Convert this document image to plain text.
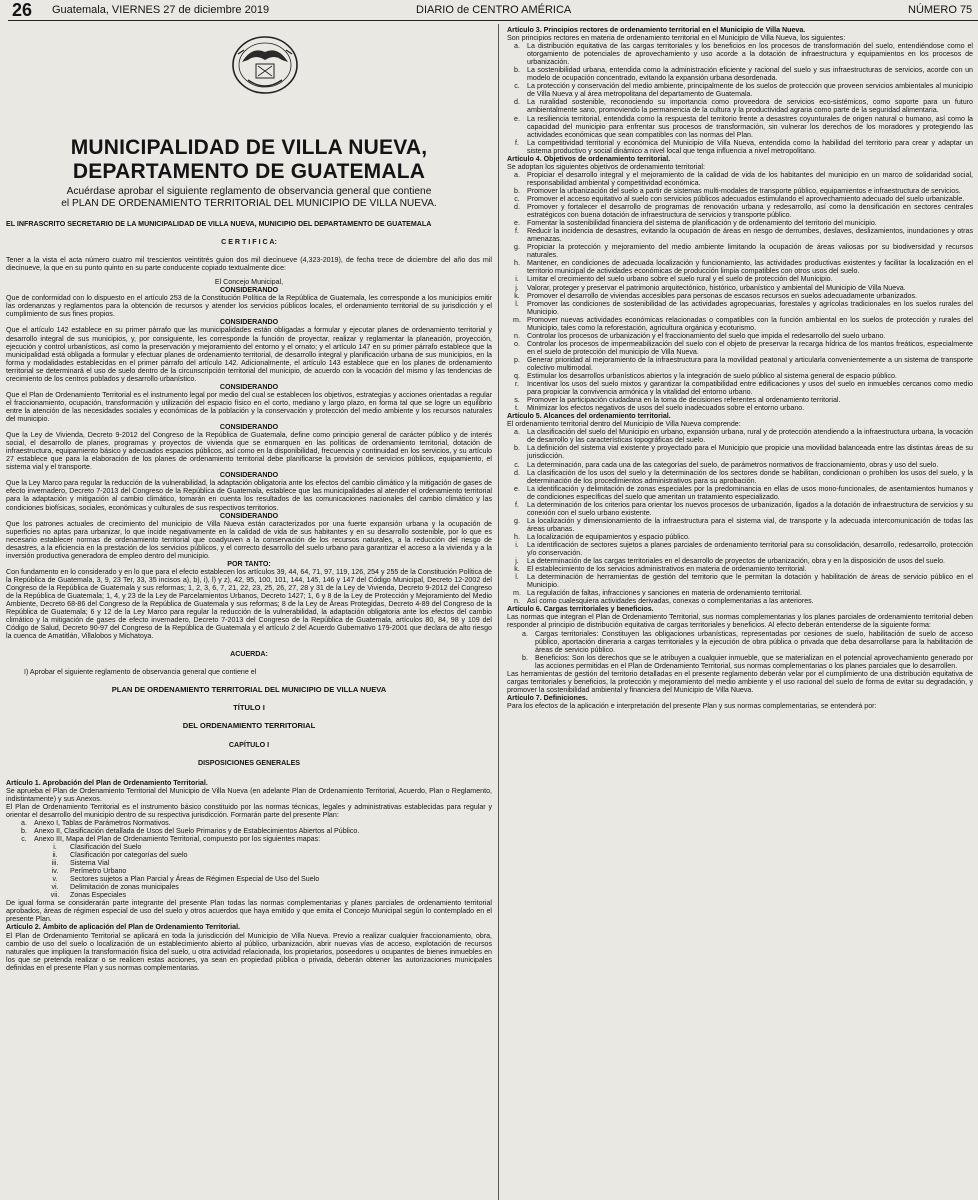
26 Guatemala, VIERNES 27 de diciembre 2019	DIARIO de CENTRO AMÉRICA	NÚMERO 75
MUNICIPALIDAD DE VILLA NUEVA,
DEPARTAMENTO DE GUATEMALA
Acuérdase aprobar el siguiente reglamento de observancia general que contiene
el PLAN DE ORDENAMIENTO TERRITORIAL DEL MUNICIPIO DE VILLA NUEVA.

EL INFRASCRITO SECRETARIO DE LA MUNICIPALIDAD DE VILLA NUEVA, MUNICIPIO DEL DEPARTAMENTO DE GUATEMALA

C E R T I F I C A:

Tener a la vista el acta número cuatro mil trescientos veintitrés guion dos mil diecinueve (4,323-2019), de fecha trece de diciembre del año dos mil diecinueve, la que en su punto quinto en su parte conducente copiado textualmente dice:

El Concejo Municipal,

CONSIDERANDO

Que de conformidad con lo dispuesto en el artículo 253 de la Constitución Política de la República de Guatemala, les corresponde a los municipios emitir las ordenanzas y reglamentos para la obtención de recursos y atender los servicios públicos locales, el ordenamiento territorial de su jurisdicción y el cumplimiento de sus fines propios.

CONSIDERANDO

Que el artículo 142 establece en su primer párrafo que las municipalidades están obligadas a formular y ejecutar planes de ordenamiento territorial y desarrollo integral de sus municipios, y, por consiguiente, les corresponde la función de proyectar, realizar y reglamentar la planeación, proyección, ejecución y control urbanísticos, así como la preservación y mejoramiento del entorno y el ornato; y el artículo 147 en su primer párrafo establece que la municipalidad está obligada a formular y efectuar planes de ordenamiento territorial, de desarrollo integral y planificación urbana de sus municipios, en la forma y modalidades establecidas en el primer párrafo del artículo 142. Adicionalmente, el artículo 143 establece que en los planes de ordenamiento territorial se determinará el uso de suelo dentro de la circunscripción territorial del municipio, de acuerdo con la vocación del mismo y las tendencias de crecimiento de los centros poblados y desarrollo urbanístico.

CONSIDERANDO

Que el Plan de Ordenamiento Territorial es el instrumento legal por medio del cual se establecen los objetivos, estrategias y acciones orientadas a regular el fraccionamiento, ocupación, transformación y utilización del espacio físico en el corto, mediano y largo plazo, en forma tal que se logre un equilibrio entre la atención de las necesidades sociales y económicas de la población y la conservación y protección del medio ambiente y los recursos naturales del municipio.

CONSIDERANDO

Que la Ley de Vivienda, Decreto 9-2012 del Congreso de la República de Guatemala, define como principio general de carácter público y de interés social, el desarrollo de planes, programas y proyectos de vivienda que se enmarquen en las políticas de ordenamiento territorial, dotación de infraestructura, equipamiento básico y adecuados espacios públicos, así como en la disponibilidad, frecuencia y continuidad en los servicios, y su artículo 27 establece que para la elaboración de los planes de ordenamiento territorial debe planificarse la provisión de servicios públicos, equipamiento, el sistema vial y el transporte.

CONSIDERANDO

Que la Ley Marco para regular la reducción de la vulnerabilidad, la adaptación obligatoria ante los efectos del cambio climático y la mitigación de gases de efecto invernadero, Decreto 7-2013 del Congreso de la República de Guatemala, establece que las municipalidades al atender el ordenamiento territorial para la adaptación y mitigación al cambio climático, tomarán en cuenta los resultados de las comunicaciones nacionales del cambio climático y las condiciones biofísicas, sociales, económicas y culturales de sus respectivos territorios.

CONSIDERANDO

Que los patrones actuales de crecimiento del municipio de Villa Nueva están caracterizados por una fuerte expansión urbana y la ocupación de superficies no aptas para urbanizar, lo que incide negativamente en la calidad de vida de sus habitantes y en su desarrollo sostenible, por lo que es necesario establecer normas de ordenamiento territorial que coadyuven a la conservación de los recursos naturales, a la reducción del riesgo de desastres, a la eficiencia en la prestación de los servicios públicos, y el correcto desarrollo del suelo urbano para garantizar el acceso a la vivienda y a la inversión productiva generadora de empleo dentro del municipio.

POR TANTO:

Con fundamento en lo considerado y en lo que para el efecto establecen los artículos 39, 44, 64, 71, 97, 119, 126, 254 y 255 de la Constitución Política de la República de Guatemala, 3, 9, 23 Ter, 33, 35 incisos a), b), i), l) y z), 42, 95, 100, 101, 144, 145, 146 y 147 del Código Municipal, Decreto 12-2002 del Congreso de la República de Guatemala y sus reformas; 1, 2, 3, 6, 7, 21, 22, 23, 25, 26, 27, 28 y 31 de la Ley de Vivienda, Decreto 9-2012 del Congreso de la República de Guatemala; 1, 4, y 23 de la Ley de Parcelamientos Urbanos, Decreto 1427; 1, 6 y 8 de la Ley de Protección y Mejoramiento del Medio Ambiente, Decreto 68-86 del Congreso de la República de Guatemala y sus reformas; 8 de la Ley de Áreas Protegidas, Decreto 4-89 del Congreso de la República de Guatemala; 6 y 12 de la Ley Marco para regular la reducción de la vulnerabilidad, la adaptación obligatoria ante los efectos del cambio climático y la mitigación de gases de efecto invernadero, Decreto 7-2013 del Congreso de la República de Guatemala, artículos 80, 84, 98 y 109 del Código de Salud, Decreto 90-97 del Congreso de la República de Guatemala y el artículo 2 del Acuerdo Gubernativo 179-2001 que declara de alto riesgo la cuenca de Amatitlán, Villalobos y Michatoya.

ACUERDA:

I) Aprobar el siguiente reglamento de observancia general que contiene el

PLAN DE ORDENAMIENTO TERRITORIAL DEL MUNICIPIO DE VILLA NUEVA

TÍTULO I

DEL ORDENAMIENTO TERRITORIAL

CAPÍTULO I

DISPOSICIONES GENERALES

Artículo 1. Aprobación del Plan de Ordenamiento Territorial.

Se aprueba el Plan de Ordenamiento Territorial del Municipio de Villa Nueva (en adelante Plan de Ordenamiento Territorial, Acuerdo, Plan o Reglamento, indistintamente) y sus Anexos.

El Plan de Ordenamiento Territorial es el instrumento básico constituido por las normas técnicas, legales y administrativas establecidas para regular y orientar el desarrollo del municipio dentro de su respectiva jurisdicción. Formarán parte del presente Plan:

a. Anexo I, Tablas de Parámetros Normativos.
b. Anexo II, Clasificación detallada de Usos del Suelo Primarios y de Establecimientos Abiertos al Público.
c.	Anexo III, Mapa del Plan de Ordenamiento Territorial, compuesto por los siguientes mapas:
i.	Clasificación del Suelo
ii.	Clasificación por categorías del suelo
iii.	Sistema Vial
iv.	Perímetro Urbano
v.	Sectores sujetos a Plan Parcial y Áreas de Régimen Especial de Uso del Suelo
vi.	Delimitación de zonas municipales
vii.	Zonas Especiales

De igual forma se considerarán parte integrante del presente Plan todas las normas complementarias y planes parciales de ordenamiento territorial aprobados, áreas de régimen especial de uso del suelo y otros acuerdos que haya emitido y que emita el Concejo Municipal según lo contemplado en el presente Plan.

Artículo 2. Ámbito de aplicación del Plan de Ordenamiento Territorial.

El Plan de Ordenamiento Territorial se aplicará en toda la jurisdicción del Municipio de Villa Nueva. Previo a realizar cualquier fraccionamiento, obra, cambio de uso del suelo o localización de un establecimiento abierto al público, urbanización, abrir nuevas vías de acceso, explotación de recursos naturales que impliquen la transformación física del suelo, u otra actividad relacionada, los propietarios, poseedores u ocupantes de bienes inmuebles en los que se pretenda realizar o se realicen estas acciones, ya sean en propiedad pública o privada, deberán obtener las autorizaciones municipales definidas en el presente Plan y sus normas complementarias.

Artículo 3. Principios rectores de ordenamiento territorial en el Municipio de Villa Nueva.

Son principios rectores en materia de ordenamiento territorial en el Municipio de Villa Nueva, los siguientes:

a. La distribución equitativa de las cargas territoriales y los beneficios en los procesos de transformación del suelo, entendiéndose como el otorgamiento de potenciales de aprovechamiento y uso acorde a la dotación de infraestructura y equipamientos en los procesos de urbanización.
b. La sostenibilidad urbana, entendida como la administración eficiente y racional del suelo y sus infraestructuras de servicios, acorde con un modelo de ocupación concentrado, evitando la expansión urbana desordenada.
c.	La protección y conservación del medio ambiente, principalmente de los suelos de protección que proveen servicios ambientales al municipio de Villa Nueva y al área metropolitana del departamento de Guatemala.
d. La ruralidad sostenible, reconociendo su importancia como proveedora de servicios eco-sistémicos, como soporte para un futuro ambientalmente sano, promoviendo la permanencia de la cultura y la productividad agraria como parte de la seguridad alimentaria.
e. La resiliencia territorial, entendida como la respuesta del territorio frente a desastres coyunturales de origen natural o humano, así como la capacidad del municipio para enfrentar sus procesos de transformación, sin vulnerar los derechos de los moradores y protegiendo las actividades económicas que sean compatibles con las normas del Plan.
f.	La competitividad territorial y económica del Municipio de Villa Nueva, entendida como la habilidad del territorio para crear y adaptar un sistema productivo y social dinámico a nivel local que tenga influencia a nivel metropolitano.

Artículo 4. Objetivos de ordenamiento territorial.

Se adoptan los siguientes objetivos de ordenamiento territorial:

a. Propiciar el desarrollo integral y el mejoramiento de la calidad de vida de los habitantes del municipio en un marco de solidaridad social, responsabilidad ambiental y competitividad económica.
b. Promover la urbanización del suelo a partir de sistemas multi-modales de transporte público, equipamientos e infraestructura de servicios.
c.	Promover el acceso equitativo al suelo con servicios públicos adecuados estimulando el aprovechamiento adecuado del suelo urbanizable.
d. Promover y fortalecer el desarrollo de programas de renovación urbana y redesarrollo, así como la densificación en sectores centrales estratégicos con buena dotación de infraestructura de servicios y transporte público.
e. Fomentar la sostenibilidad financiera del sistema de planificación y de ordenamiento del territorio del municipio.
f.	Reducir la incidencia de desastres, evitando la ocupación de áreas en riesgo de derrumbes, deslaves, deslizamientos, inundaciones y otras amenazas.
g. Propiciar la protección y mejoramiento del medio ambiente limitando la ocupación de áreas valiosas por su biodiversidad y recursos naturales.
h. Mantener, en condiciones de adecuada localización y funcionamiento, las actividades productivas existentes y facilitar la localización en el territorio municipal de actividades económicas de producción limpia compatibles con otros usos del suelo.
i.	Limitar el crecimiento del suelo urbano sobre el suelo rural y el suelo de protección del Municipio.
j.	Valorar, proteger y preservar el patrimonio arquitectónico, histórico, urbanístico y ambiental del Municipio de Villa Nueva.
k.	Promover el desarrollo de viviendas accesibles para personas de escasos recursos en suelos adecuadamente urbanizados.
l.	Promover las condiciones de sostenibilidad de las actividades agropecuarias, forestales y agrícolas tradicionales en los suelos rurales del Municipio.
m. Promover nuevas actividades económicas relacionadas o compatibles con la función ambiental en los suelos de protección y rurales del Municipio, tales como la reforestación, agricultura orgánica y ecoturismo.
n. Controlar los procesos de urbanización y el fraccionamiento del suelo que impida el redesarrollo del suelo urbano.
o. Controlar los procesos de impermeabilización del suelo con el objeto de preservar la recarga hídrica de los mantos freáticos, especialmente en el suelo de protección del municipio de Villa Nueva.
p. Generar prioridad al mejoramiento de la infraestructura para la movilidad peatonal y articularla convenientemente a un sistema de transporte colectivo multimodal.
q. Estimular los desarrollos urbanísticos abiertos y la integración de suelo público al sistema general de espacio público.
r.	Incentivar los usos del suelo mixtos y garantizar la compatibilidad entre edificaciones y usos del suelo en inmuebles cercanos como medio para propiciar la convivencia armónica y la vitalidad del entorno urbano.
s.	Promover la participación ciudadana en la toma de decisiones referentes al ordenamiento territorial.
t.	Minimizar los efectos negativos de usos del suelo inadecuados sobre el entorno urbano.

Artículo 5. Alcances del ordenamiento territorial.

El ordenamiento territorial dentro del Municipio de Villa Nueva comprende:

a. La clasificación del suelo del Municipio en urbano, expansión urbana, rural y de protección atendiendo a la infraestructura urbana, la vocación de desarrollo y las características topográficas del suelo.
b. La definición del sistema vial existente y proyectado para el Municipio que propicie una movilidad balanceada entre las distintas áreas de su jurisdicción.
c.	La determinación, para cada una de las categorías del suelo, de parámetros normativos de fraccionamiento, obras y uso del suelo.
d. La clasificación de los usos del suelo y la determinación de los sectores donde se habilitan, condicionan o prohíben los usos del suelo, y la determinación de los procedimientos administrativos para su aprobación.
e. La identificación y delimitación de zonas especiales por la predominancia en ellas de usos mono-funcionales, de asentamientos humanos y de condiciones específicas del suelo que ameritan un tratamiento especializado.
f.	La determinación de los criterios para orientar los nuevos procesos de urbanización, ligados a la dotación de infraestructura de servicios y su conexión con el suelo urbano existente.
g. La localización y dimensionamiento de la infraestructura para el sistema vial, de transporte y la adecuada intercomunicación de todas las áreas urbanas.
h. La localización de equipamientos y espacio público.
i.	La identificación de sectores sujetos a planes parciales de ordenamiento territorial para su consolidación, desarrollo, redesarrollo, protección y/o conservación.
j.	La determinación de las cargas territoriales en el desarrollo de proyectos de urbanización, obra y en la disposición de usos del suelo.
k.	El establecimiento de los servicios administrativos en materia de ordenamiento territorial.
l.	La determinación de herramientas de gestión del territorio que le permitan la dotación y habilitación de áreas de servicio público en el Municipio.
m. La regulación de faltas, infracciones y sanciones en materia de ordenamiento territorial.
n. Así como cualesquiera actividades derivadas, conexas o complementarias a las anteriores.

Artículo 6. Cargas territoriales y beneficios.

Las normas que integran el Plan de Ordenamiento Territorial, sus normas complementarias y los planes parciales de ordenamiento territorial deben responder al principio de distribución equitativa de cargas territoriales y beneficios. Al efecto deberán entenderse de la siguiente forma:

a. Cargas territoriales: Constituyen las obligaciones urbanísticas, representadas por cesiones de suelo, habilitación de suelo de acceso público, aportación dineraria a cargas territoriales y la ejecución de obra pública o privada que deba desarrollarse para la habilitación de áreas de servicio público.
b. Beneficios: Son los derechos que se le atribuyen a cualquier inmueble, que se materializan en el potencial aprovechamiento generado por las acciones permitidas en el Plan de Ordenamiento Territorial, sus normas complementarias o los planes parciales que lo desarrollen.

Las herramientas de gestión del territorio detalladas en el presente reglamento deberán velar por el cumplimiento de una distribución equitativa de cargas territoriales y beneficios, la protección y mejoramiento del medio ambiente y el uso racional del suelo de forma de evitar su degradación, y promover la sostenibilidad ambiental y financiera del Municipio de Villa Nueva.

Artículo 7. Definiciones.

Para los efectos de la aplicación e interpretación del presente Plan y sus normas complementarias, se entenderá por:
